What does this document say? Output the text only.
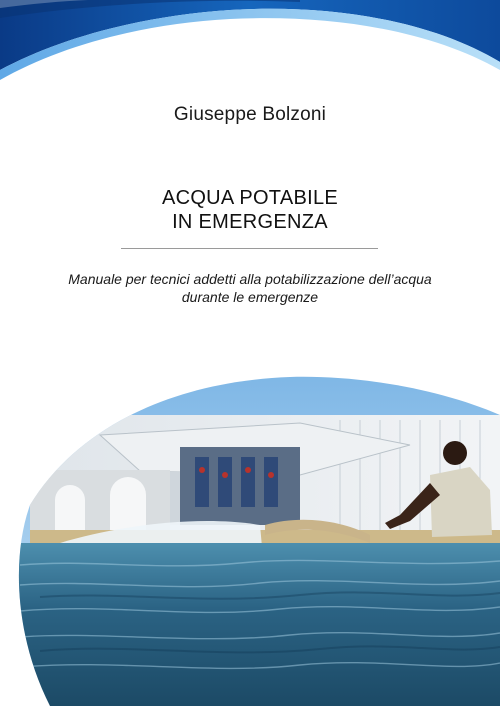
Giuseppe Bolzoni
ACQUA POTABILE
IN EMERGENZA
Manuale per tecnici addetti alla potabilizzazione dell’acqua
durante le emergenze
